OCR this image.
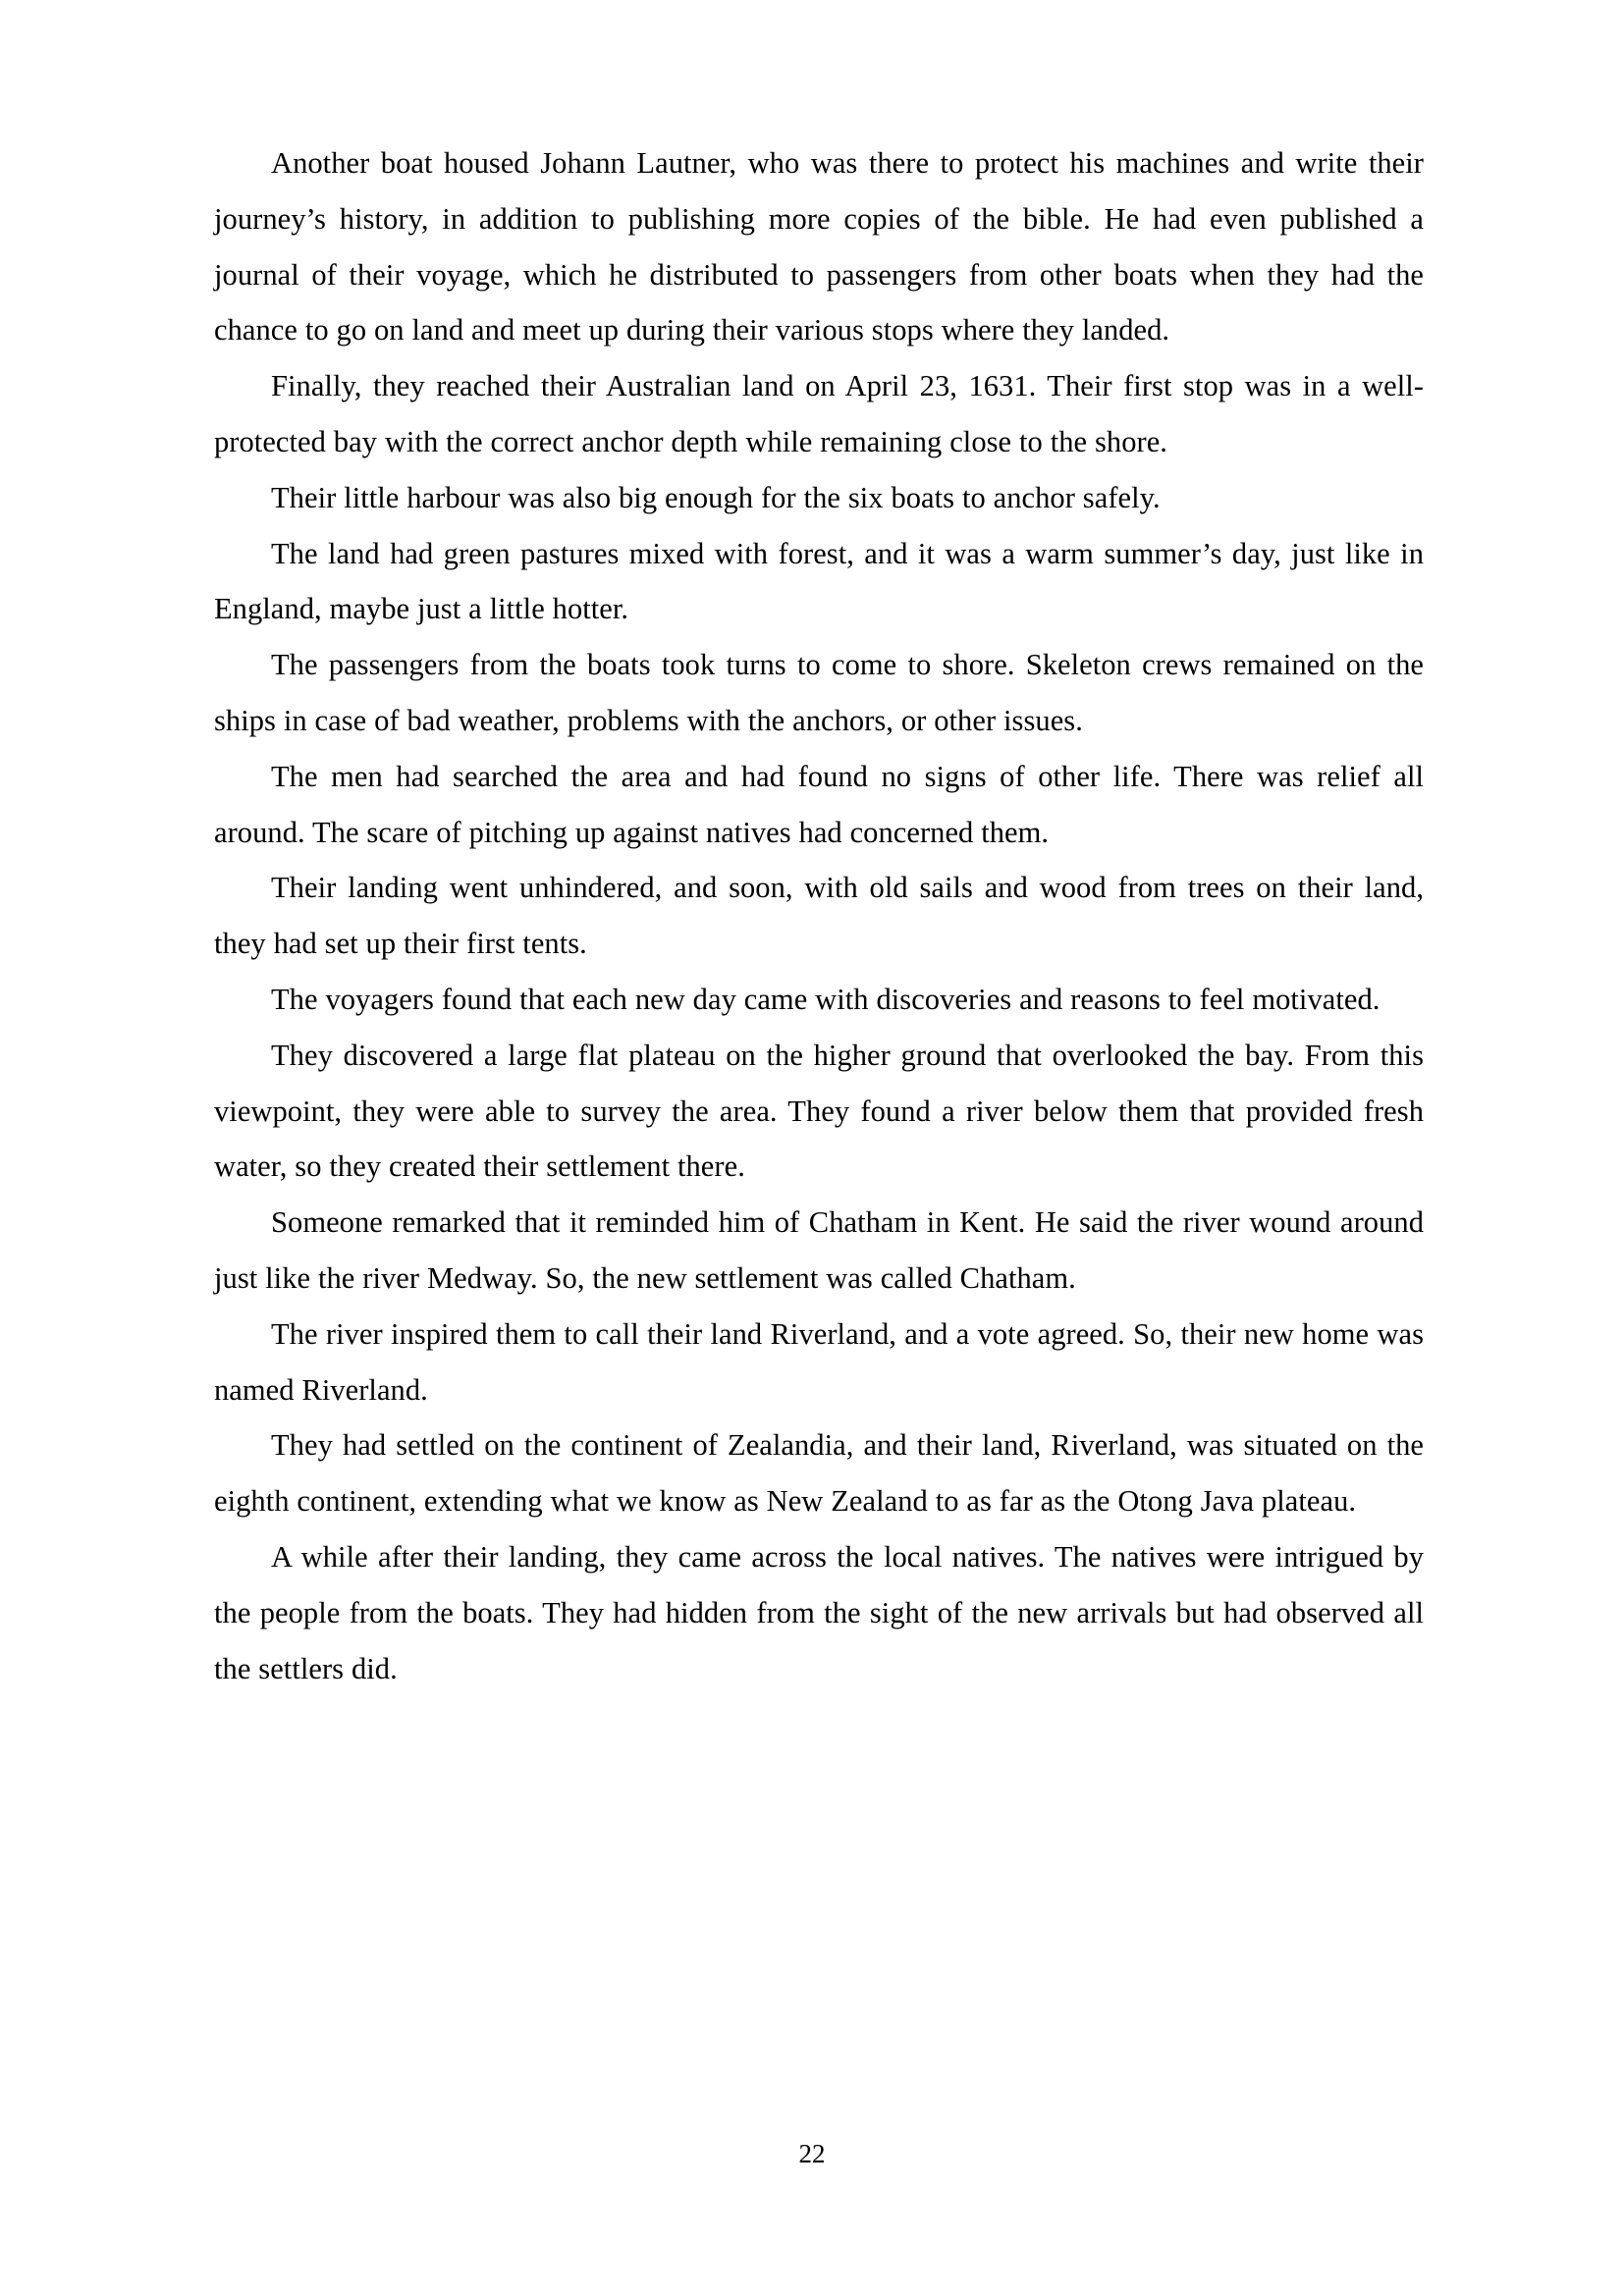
Another boat housed Johann Lautner, who was there to protect his machines and write their journey’s history, in addition to publishing more copies of the bible. He had even published a journal of their voyage, which he distributed to passengers from other boats when they had the chance to go on land and meet up during their various stops where they landed.

Finally, they reached their Australian land on April 23, 1631. Their first stop was in a well-protected bay with the correct anchor depth while remaining close to the shore.

Their little harbour was also big enough for the six boats to anchor safely.

The land had green pastures mixed with forest, and it was a warm summer’s day, just like in England, maybe just a little hotter.

The passengers from the boats took turns to come to shore. Skeleton crews remained on the ships in case of bad weather, problems with the anchors, or other issues.

The men had searched the area and had found no signs of other life. There was relief all around. The scare of pitching up against natives had concerned them.

Their landing went unhindered, and soon, with old sails and wood from trees on their land, they had set up their first tents.

The voyagers found that each new day came with discoveries and reasons to feel motivated.

They discovered a large flat plateau on the higher ground that overlooked the bay. From this viewpoint, they were able to survey the area. They found a river below them that provided fresh water, so they created their settlement there.

Someone remarked that it reminded him of Chatham in Kent. He said the river wound around just like the river Medway. So, the new settlement was called Chatham.

The river inspired them to call their land Riverland, and a vote agreed. So, their new home was named Riverland.

They had settled on the continent of Zealandia, and their land, Riverland, was situated on the eighth continent, extending what we know as New Zealand to as far as the Otong Java plateau.

A while after their landing, they came across the local natives. The natives were intrigued by the people from the boats. They had hidden from the sight of the new arrivals but had observed all the settlers did.

22
